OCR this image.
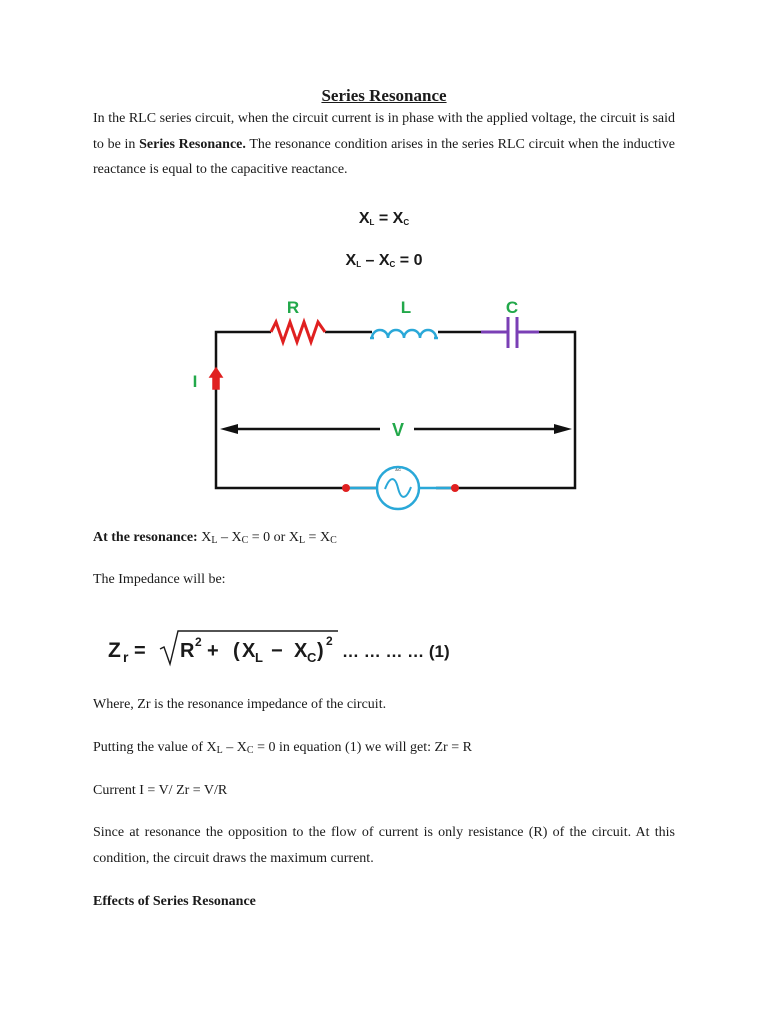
Series Resonance

In the RLC series circuit, when the circuit current is in phase with the applied voltage, the circuit is said to be in Series Resonance. The resonance condition arises in the series RLC circuit when the inductive reactance is equal to the capacitive reactance.

XL = XC
XL – XC = 0
R	L	C
I
V
AC
At the resonance: $X_L - X_C = 0$ or $X_L = X_C$
The Impedance will be:
Z r = R 2 + ( X L − X C ) 2
… … … … (1)
Where, Zr is the resonance impedance of the circuit.
Putting the value of $X_L - X_C = 0$ in equation (1) we will get: Zr = R
Current I = V/ Zr = V/R

Since at resonance the opposition to the flow of current is only resistance (R) of the circuit. At this condition, the circuit draws the maximum current.

Effects of Series Resonance
